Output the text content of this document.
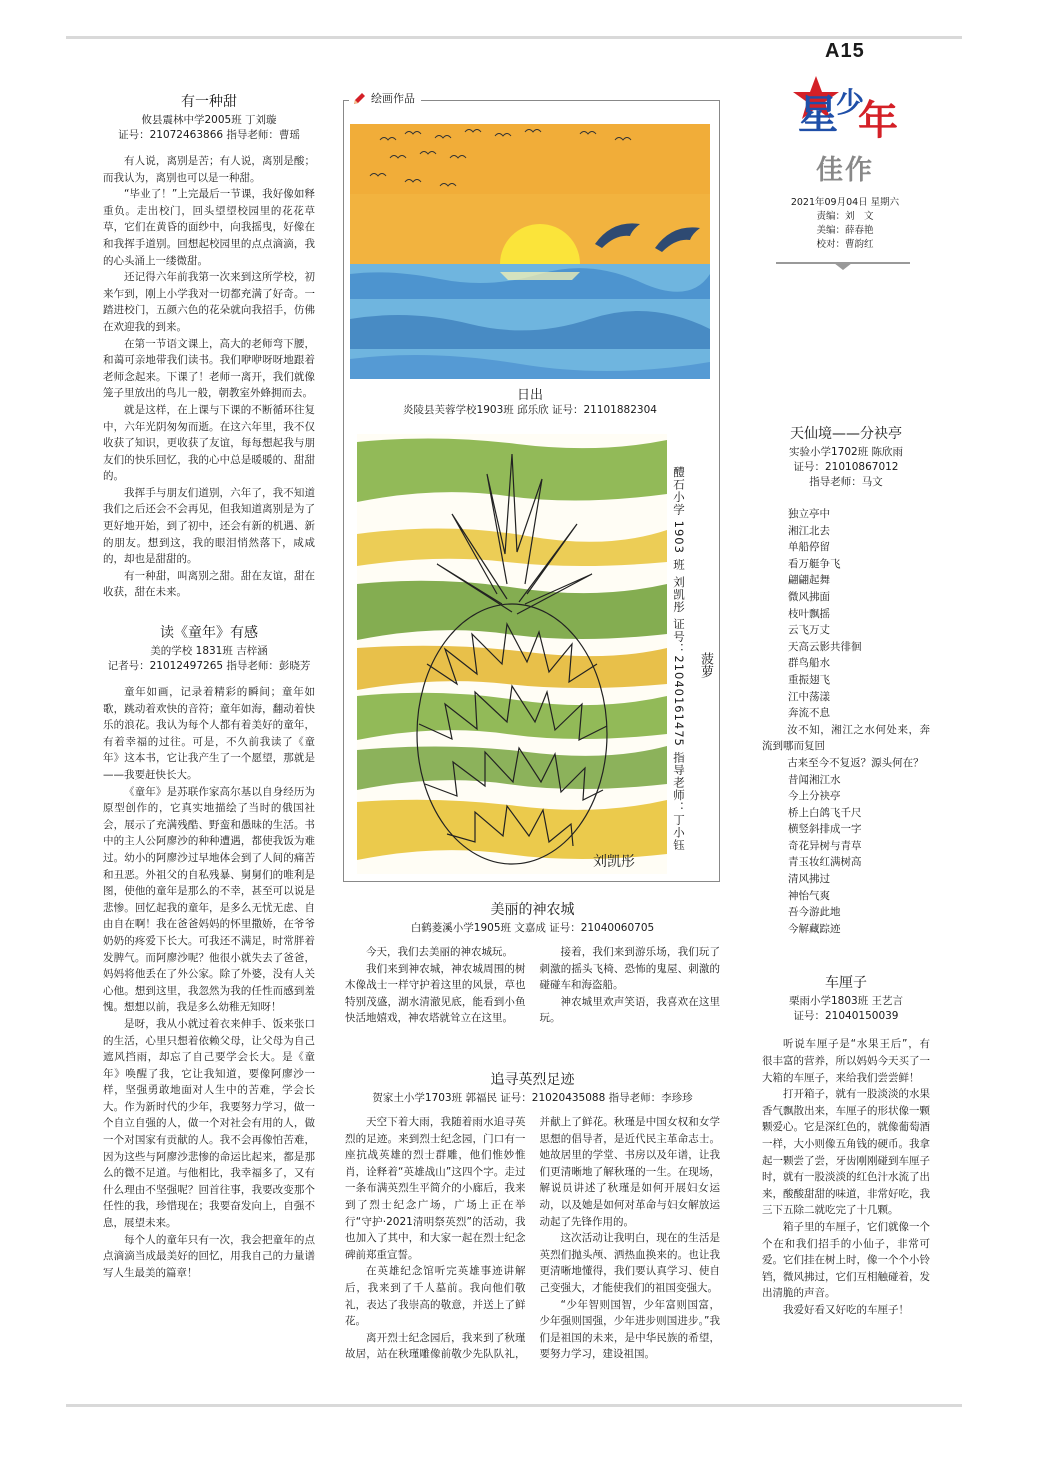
A15
星
少
年
佳作
2021年09月04日 星期六
责编：刘　文
美编：薛春艳
校对：曹韵红
有一种甜
攸县震林中学2005班 丁刘璇
证号：21072463866 指导老师：曹瑶

有人说，离别是苦；有人说，离别是酸；而我认为，离别也可以是一种甜。

“毕业了！”上完最后一节课，我好像如释重负。走出校门，回头望望校园里的花花草草，它们在黄昏的面纱中，向我摇曳，好像在和我挥手道别。回想起校园里的点点滴滴，我的心头涌上一缕微甜。

还记得六年前我第一次来到这所学校，初来乍到，刚上小学我对一切都充满了好奇。一踏进校门，五颜六色的花朵就向我招手，仿佛在欢迎我的到来。

在第一节语文课上，高大的老师弯下腰，和蔼可亲地带我们读书。我们咿咿呀呀地跟着老师念起来。下课了！老师一离开，我们就像笼子里放出的鸟儿一般，朝教室外蜂拥而去。

就是这样，在上课与下课的不断循环往复中，六年光阴匆匆而逝。在这六年里，我不仅收获了知识，更收获了友谊，每每想起我与朋友们的快乐回忆，我的心中总是暖暖的、甜甜的。

我挥手与朋友们道别，六年了，我不知道我们之后还会不会再见，但我知道离别是为了更好地开始，到了初中，还会有新的机遇、新的朋友。想到这，我的眼泪悄然落下，咸咸的，却也是甜甜的。

有一种甜，叫离别之甜。甜在友谊，甜在收获，甜在未来。

读《童年》有感
美的学校 1831班 吉梓涵
记者号：21012497265 指导老师：彭晓芳

童年如画，记录着精彩的瞬间；童年如歌，跳动着欢快的音符；童年如海，翻动着快乐的浪花。我认为每个人都有着美好的童年，有着幸福的过往。可是，不久前我读了《童年》这本书，它让我产生了一个愿望，那就是——我要赶快长大。

《童年》是苏联作家高尔基以自身经历为原型创作的，它真实地描绘了当时的俄国社会，展示了充满残酷、野蛮和愚昧的生活。书中的主人公阿廖沙的种种遭遇，都使我饭为难过。幼小的阿廖沙过早地体会到了人间的痛苦和丑恶。外祖父的自私残暴、舅舅们的唯利是图，使他的童年是那么的不幸，甚至可以说是悲惨。回忆起我的童年，是多么无忧无虑、自由自在啊！我在爸爸妈妈的怀里撒娇，在爷爷奶奶的疼爱下长大。可我还不满足，时常胖着发脾气。而阿廖沙呢？他很小就失去了爸爸，妈妈将他丢在了外公家。除了外婆，没有人关心他。想到这里，我忽然为我的任性而感到羞愧。想想以前，我是多么幼稚无知呀！

是呀，我从小就过着衣来伸手、饭来张口的生活，心里只想着依赖父母，让父母为自己遮风挡雨，却忘了自己要学会长大。是《童年》唤醒了我，它让我知道，要像阿廖沙一样，坚强勇敢地面对人生中的苦难，学会长大。作为新时代的少年，我要努力学习，做一个自立自强的人，做一个对社会有用的人，做一个对国家有贡献的人。我不会再像怕苦难，因为这些与阿廖沙悲惨的命运比起来，都是那么的微不足道。与他相比，我幸福多了，又有什么理由不坚强呢？回首往事，我要改变那个任性的我，珍惜现在；我要奋发向上，自强不息，展望未来。

每个人的童年只有一次，我会把童年的点点滴滴当成最美好的回忆，用我自己的力量谱写人生最美的篇章！

绘画作品
日出
炎陵县芙蓉学校1903班 邱乐欣 证号：21101882304
刘凯彤
醴石小学 1903 班 刘凯彤 证号：21040161475 指导老师：丁小钰 菠萝
美丽的神农城
白鹤菱溪小学1905班 文嘉成 证号：21040060705

今天，我们去美丽的神农城玩。

我们来到神农城，神农城周围的树木像战士一样守护着这里的风景，草也特别茂盛，湖水清澈见底，能看到小鱼快活地嬉戏，神农塔就耸立在这里。

接着，我们来到游乐场，我们玩了刺激的摇头飞椅、恐怖的鬼屋、刺激的碰碰车和海盗船。

神农城里欢声笑语，我喜欢在这里玩。

追寻英烈足迹
贺家土小学1703班 郭福民 证号：21020435088 指导老师：李珍珍

天空下着大雨，我随着雨水追寻英烈的足迹。来到烈士纪念园，门口有一座抗战英雄的烈士群雕，他们惟妙惟肖，诠释着“英雄战山”这四个字。走过一条布满英烈生平简介的小廊后，我来到了烈士纪念广场，广场上正在举行“守护·2021清明祭英烈”的活动，我也加入了其中，和大家一起在烈士纪念碑前郑重宣誓。

在英雄纪念馆听完英雄事迹讲解后，我来到了千人墓前。我向他们敬礼，表达了我崇高的敬意，并送上了鲜花。

离开烈士纪念园后，我来到了秋瑾故居，站在秋瑾雕像前敬少先队队礼，并献上了鲜花。秋瑾是中国女权和女学思想的倡导者，是近代民主革命志士。她故居里的学堂、书房以及年谱，让我们更清晰地了解秋瑾的一生。在现场，解说员讲述了秋瑾是如何开展妇女运动，以及她是如何对革命与妇女解放运动起了先锋作用的。

这次活动让我明白，现在的生活是英烈们抛头颅、洒热血换来的。也让我更清晰地懂得，我们要认真学习、使自己变强大，才能使我们的祖国变强大。

“少年智则国智，少年富则国富，少年强则国强，少年进步则国进步。”我们是祖国的未来，是中华民族的希望，要努力学习，建设祖国。

天仙境——分袂亭
实验小学1702班 陈欣雨
证号：21010867012
指导老师：马文

独立亭中

湘江北去

单船停留

看万艇争飞

翩翩起舞

微风拂面

枝叶飘摇

云飞万丈

天高云影共徘徊

群鸟船水

重振翅飞

江中荡漾

奔流不息

汝不知，湘江之水何处来，奔流到哪而复回

古来至今不复返？源头何在？

昔闻湘江水

今上分袂亭

桥上白鸽飞千尺

横竖斜排成一字

奇花异树与青草

青玉妆红满树高

清风拂过

神怡气爽

吾今游此地

今解藏踪迹

车厘子
栗雨小学1803班 王艺言
证号：21040150039

听说车厘子是“水果王后”，有很丰富的营养，所以妈妈今天买了一大箱的车厘子，来给我们尝尝鲜！

打开箱子，就有一股淡淡的水果香气飘散出来，车厘子的形状像一颗颗爱心。它是深红色的，就像葡萄酒一样，大小则像五角钱的硬币。我拿起一颗尝了尝，牙齿刚刚碰到车厘子时，就有一股淡淡的红色汁水流了出来，酸酸甜甜的味道，非常好吃，我三下五除二就吃完了十几颗。

箱子里的车厘子，它们就像一个个在和我们招手的小仙子，非常可爱。它们挂在树上时，像一个个小铃铛，微风拂过，它们互相触碰着，发出清脆的声音。

我爱好看又好吃的车厘子！
